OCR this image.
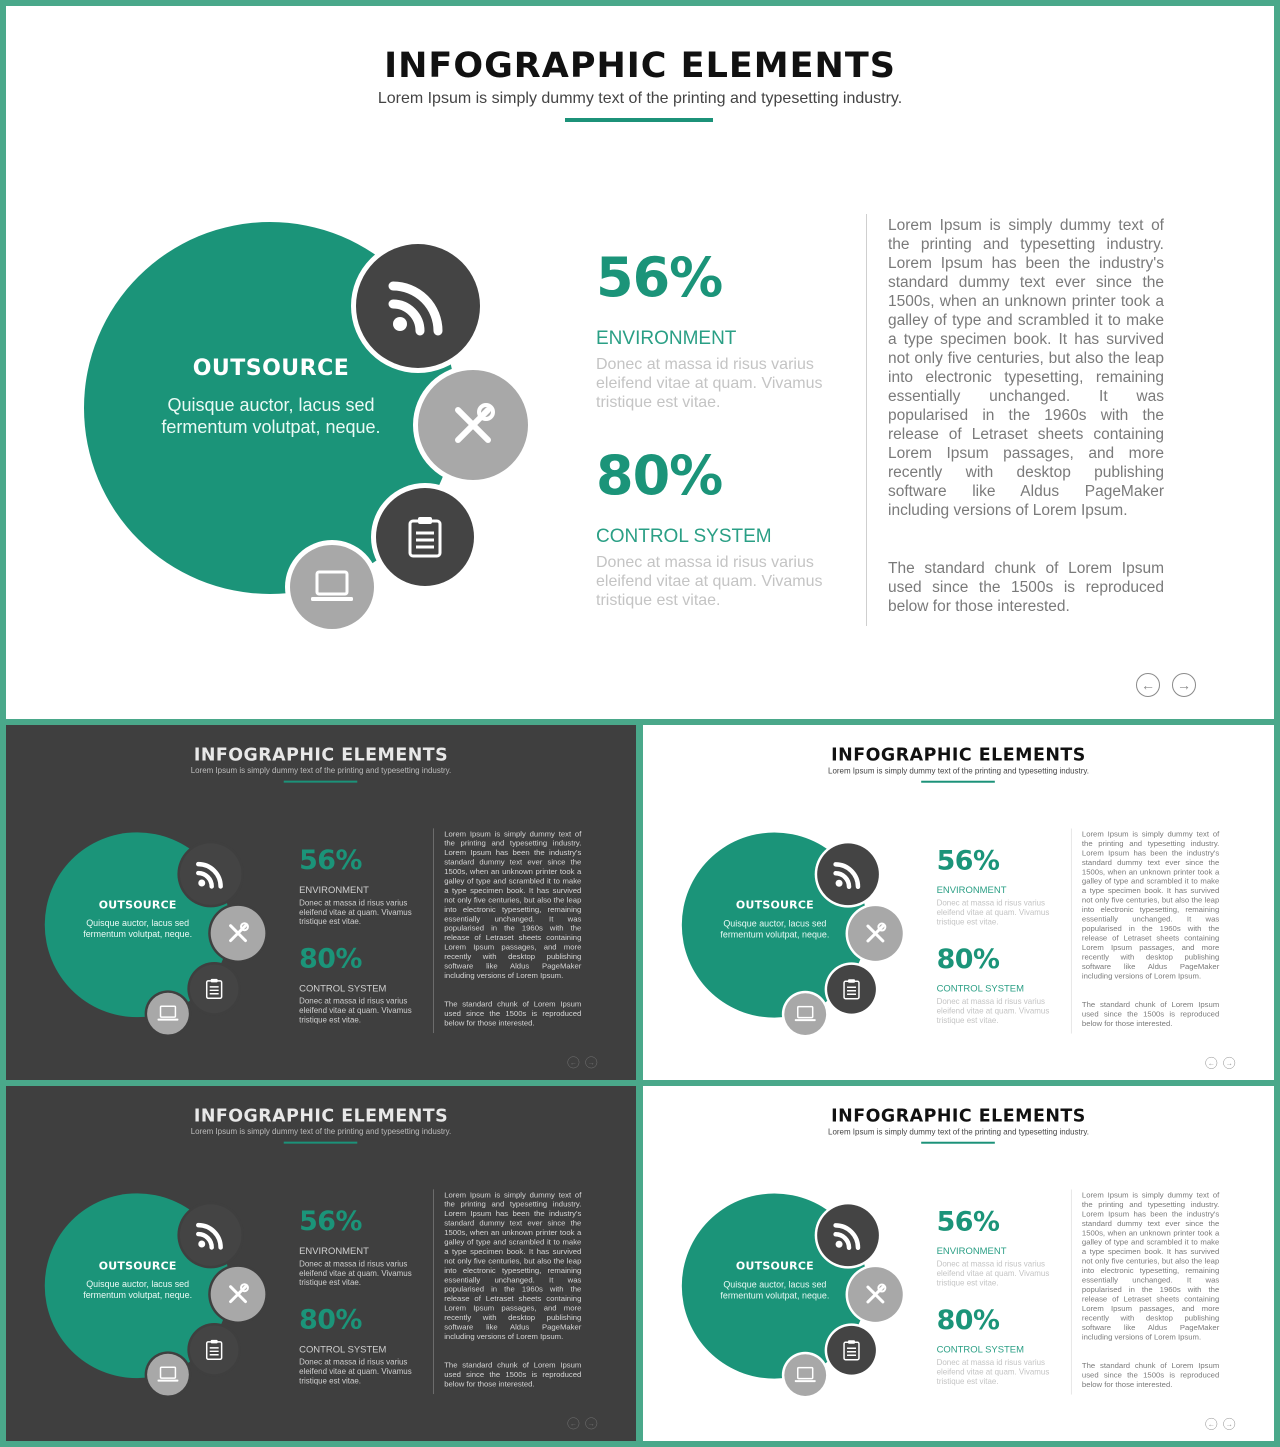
INFOGRAPHIC ELEMENTS
Lorem Ipsum is simply dummy text of the printing and typesetting industry.
OUTSOURCE
Quisque auctor, lacus sed fermentum volutpat, neque.
56%
ENVIRONMENT
Donec at massa id risus varius eleifend vitae at quam. Vivamus tristique est vitae.
80%
CONTROL SYSTEM
Donec at massa id risus varius eleifend vitae at quam. Vivamus tristique est vitae.
Lorem Ipsum is simply dummy text of the printing and typesetting industry. Lorem Ipsum has been the industry's standard dummy text ever since the 1500s, when an unknown printer took a galley of type and scrambled it to make a type specimen book. It has survived not only five centuries, but also the leap into electronic typesetting, remaining essentially unchanged. It was popularised in the 1960s with the release of Letraset sheets containing Lorem Ipsum passages, and more recently with desktop publishing software like Aldus PageMaker including versions of Lorem Ipsum.
The standard chunk of Lorem Ipsum used since the 1500s is reproduced below for those interested.
←	→
INFOGRAPHIC ELEMENTS
Lorem Ipsum is simply dummy text of the printing and typesetting industry.
OUTSOURCE
Quisque auctor, lacus sed fermentum volutpat, neque.
56%
ENVIRONMENT
Donec at massa id risus varius eleifend vitae at quam. Vivamus tristique est vitae.
80%
CONTROL SYSTEM
Donec at massa id risus varius eleifend vitae at quam. Vivamus tristique est vitae.
Lorem Ipsum is simply dummy text of the printing and typesetting industry. Lorem Ipsum has been the industry's standard dummy text ever since the 1500s, when an unknown printer took a galley of type and scrambled it to make a type specimen book. It has survived not only five centuries, but also the leap into electronic typesetting, remaining essentially unchanged. It was popularised in the 1960s with the release of Letraset sheets containing Lorem Ipsum passages, and more recently with desktop publishing software like Aldus PageMaker including versions of Lorem Ipsum.
The standard chunk of Lorem Ipsum used since the 1500s is reproduced below for those interested.
← →
INFOGRAPHIC ELEMENTS
Lorem Ipsum is simply dummy text of the printing and typesetting industry.
OUTSOURCE
Quisque auctor, lacus sed fermentum volutpat, neque.
56%
ENVIRONMENT
Donec at massa id risus varius eleifend vitae at quam. Vivamus tristique est vitae.
80%
CONTROL SYSTEM
Donec at massa id risus varius eleifend vitae at quam. Vivamus tristique est vitae.
Lorem Ipsum is simply dummy text of the printing and typesetting industry. Lorem Ipsum has been the industry's standard dummy text ever since the 1500s, when an unknown printer took a galley of type and scrambled it to make a type specimen book. It has survived not only five centuries, but also the leap into electronic typesetting, remaining essentially unchanged. It was popularised in the 1960s with the release of Letraset sheets containing Lorem Ipsum passages, and more recently with desktop publishing software like Aldus PageMaker including versions of Lorem Ipsum.
The standard chunk of Lorem Ipsum used since the 1500s is reproduced below for those interested.
← →
INFOGRAPHIC ELEMENTS
Lorem Ipsum is simply dummy text of the printing and typesetting industry.
OUTSOURCE
Quisque auctor, lacus sed fermentum volutpat, neque.
56%
ENVIRONMENT
Donec at massa id risus varius eleifend vitae at quam. Vivamus tristique est vitae.
80%
CONTROL SYSTEM
Donec at massa id risus varius eleifend vitae at quam. Vivamus tristique est vitae.
Lorem Ipsum is simply dummy text of the printing and typesetting industry. Lorem Ipsum has been the industry's standard dummy text ever since the 1500s, when an unknown printer took a galley of type and scrambled it to make a type specimen book. It has survived not only five centuries, but also the leap into electronic typesetting, remaining essentially unchanged. It was popularised in the 1960s with the release of Letraset sheets containing Lorem Ipsum passages, and more recently with desktop publishing software like Aldus PageMaker including versions of Lorem Ipsum.
The standard chunk of Lorem Ipsum used since the 1500s is reproduced below for those interested.
← →
INFOGRAPHIC ELEMENTS
Lorem Ipsum is simply dummy text of the printing and typesetting industry.
OUTSOURCE
Quisque auctor, lacus sed fermentum volutpat, neque.
56%
ENVIRONMENT
Donec at massa id risus varius eleifend vitae at quam. Vivamus tristique est vitae.
80%
CONTROL SYSTEM
Donec at massa id risus varius eleifend vitae at quam. Vivamus tristique est vitae.
Lorem Ipsum is simply dummy text of the printing and typesetting industry. Lorem Ipsum has been the industry's standard dummy text ever since the 1500s, when an unknown printer took a galley of type and scrambled it to make a type specimen book. It has survived not only five centuries, but also the leap into electronic typesetting, remaining essentially unchanged. It was popularised in the 1960s with the release of Letraset sheets containing Lorem Ipsum passages, and more recently with desktop publishing software like Aldus PageMaker including versions of Lorem Ipsum.
The standard chunk of Lorem Ipsum used since the 1500s is reproduced below for those interested.
← →
